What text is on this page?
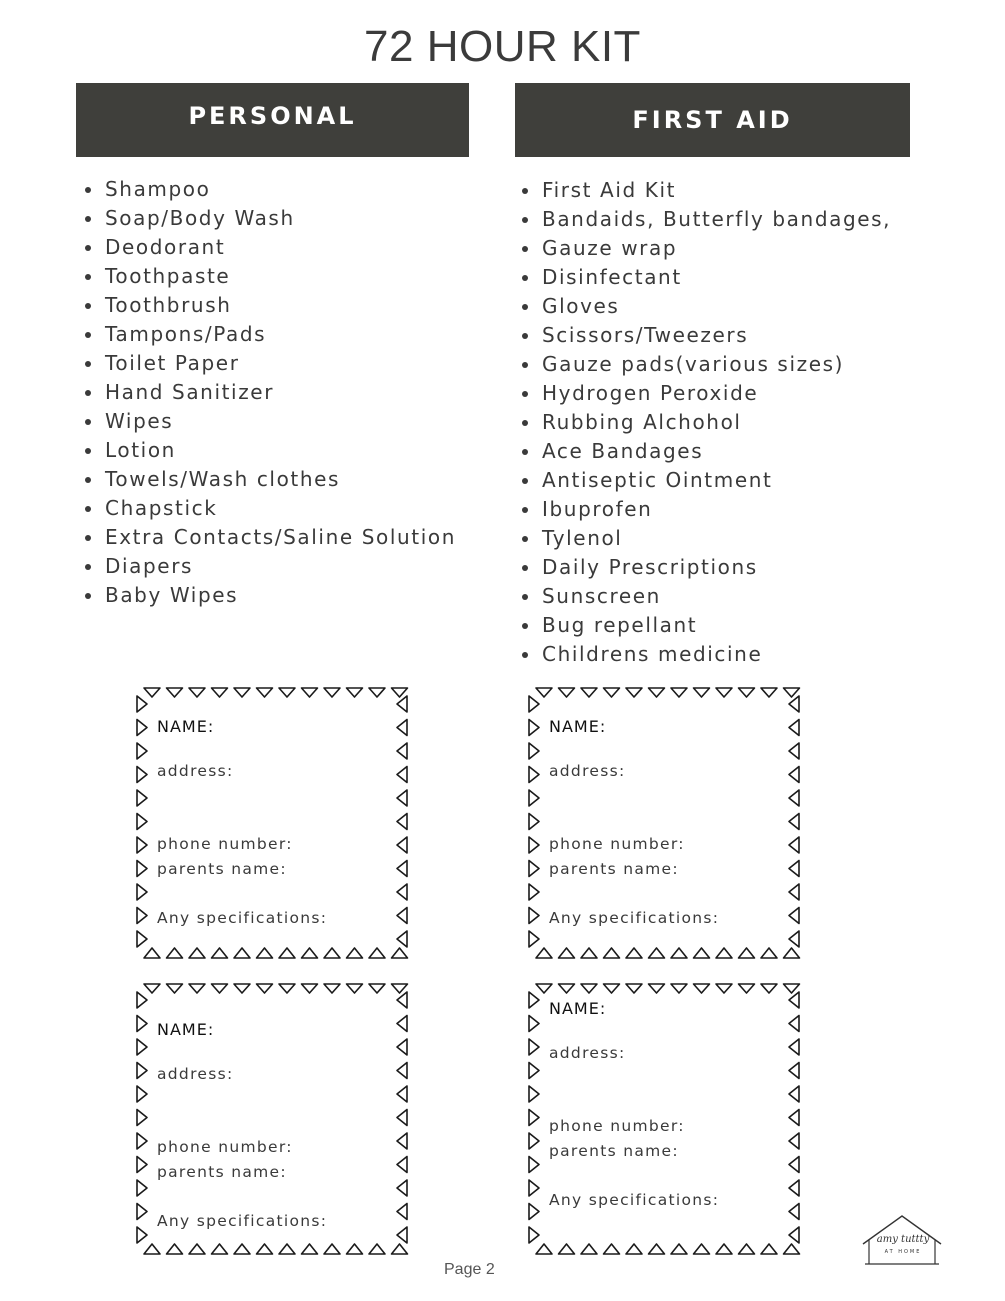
72 HOUR KIT
PERSONAL	FIRST AID
Shampoo
Soap/Body Wash
Deodorant
Toothpaste
Toothbrush
Tampons/Pads
Toilet Paper
Hand Sanitizer
Wipes
Lotion
Towels/Wash clothes
Chapstick
Extra Contacts/Saline Solution
Diapers
Baby Wipes
First Aid Kit
Bandaids, Butterfly bandages,
Gauze wrap
Disinfectant
Gloves
Scissors/Tweezers
Gauze pads(various sizes)
Hydrogen Peroxide
Rubbing Alchohol
Ace Bandages
Antiseptic Ointment
Ibuprofen
Tylenol
Daily Prescriptions
Sunscreen
Bug repellant
Childrens medicine
NAME:
address:
phone number:
parents name:
Any specifications:
NAME:
address:
phone number:
parents name:
Any specifications:
NAME:
address:
phone number:
parents name:
Any specifications:
NAME:
address:
phone number:
parents name:
Any specifications:
Page 2
amy tuttty
AT HOME
